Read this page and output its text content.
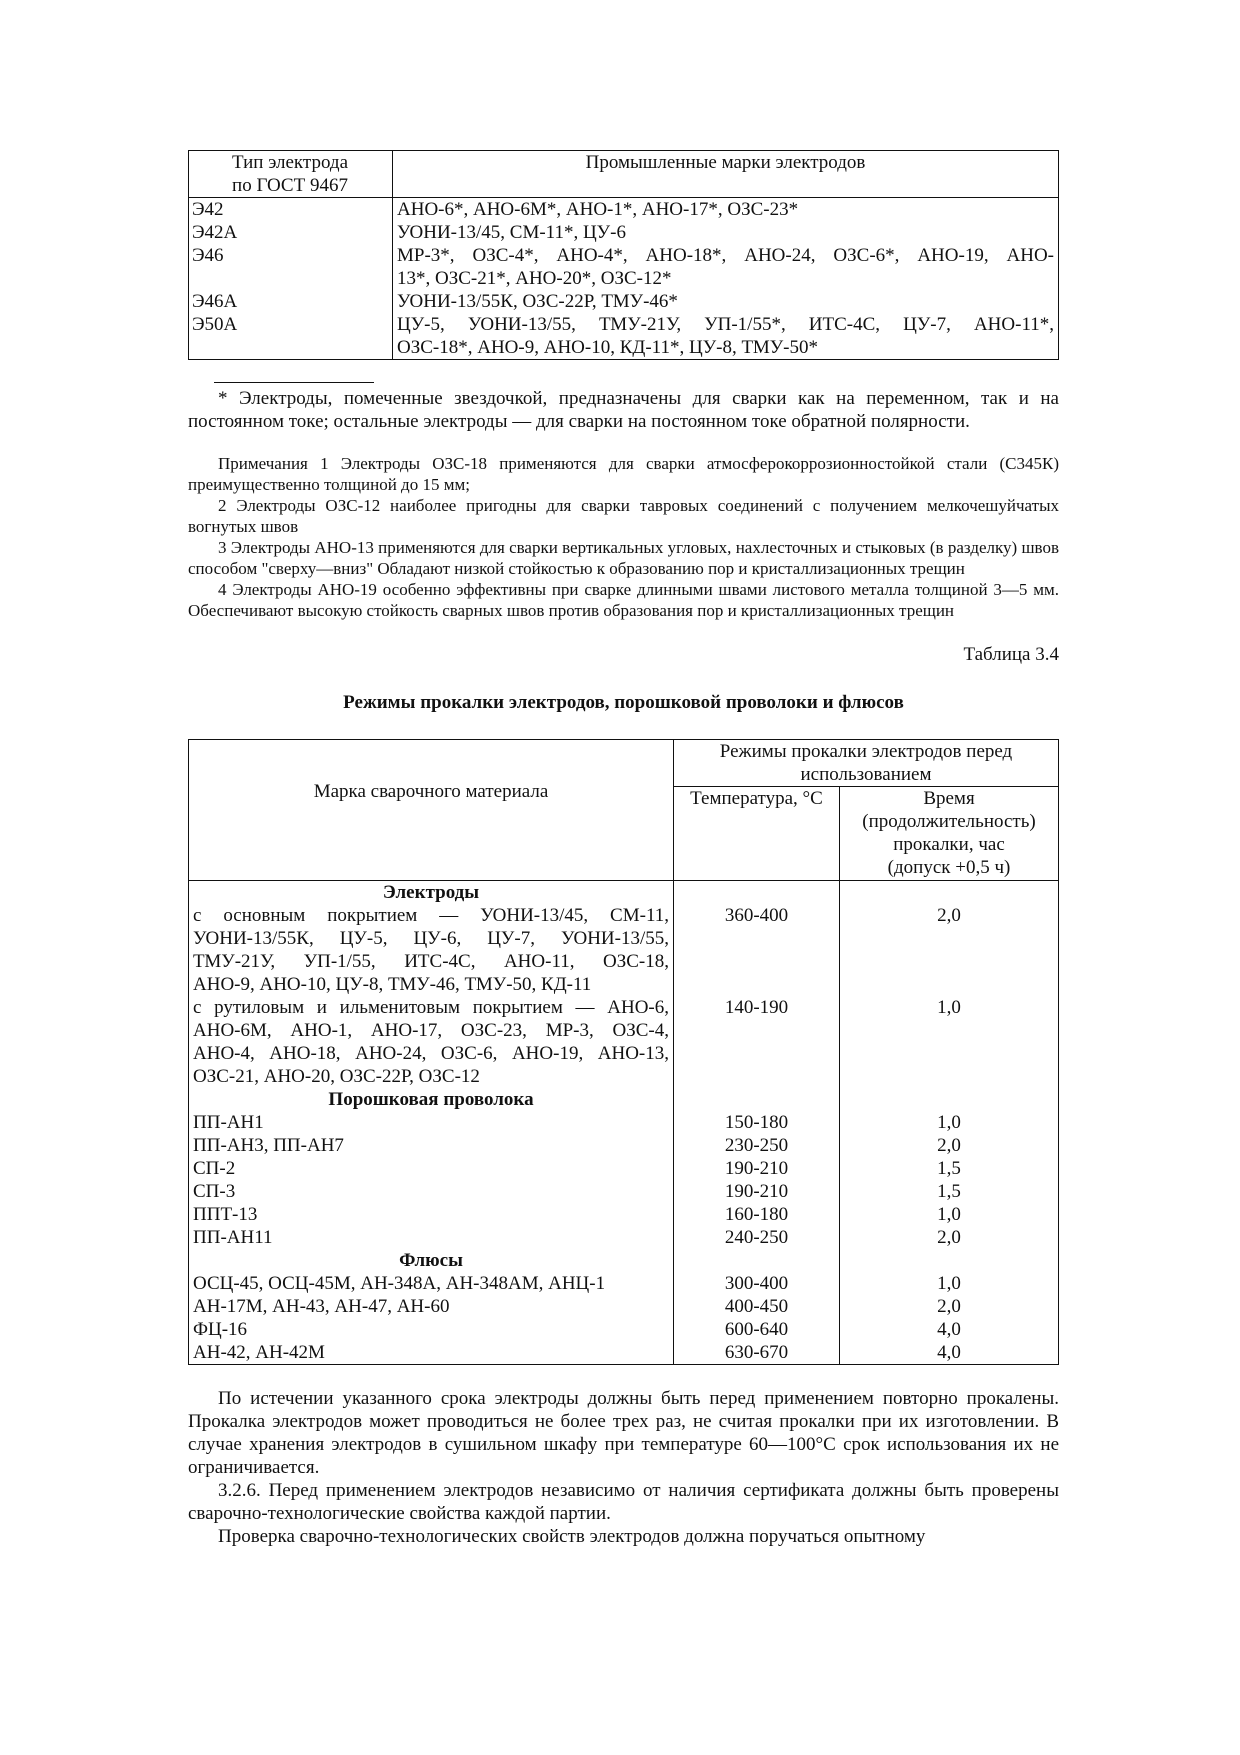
Тип электрода
по ГОСТ 9467	Промышленные марки электродов
Э42	АНО-6*, АНО-6М*, АНО-1*, АНО-17*, ОЗС-23*

Э42А	УОНИ-13/45, СМ-11*, ЦУ-6

Э46	МР-3*, ОЗС-4*, АНО-4*, АНО-18*, АНО-24, ОЗС-6*, АНО-19, АНО-
13*, ОЗС-21*, АНО-20*, ОЗС-12*

Э46А	УОНИ-13/55К, ОЗС-22Р, ТМУ-46*

Э50А	ЦУ-5, УОНИ-13/55, ТМУ-21У, УП-1/55*, ИТС-4С, ЦУ-7, АНО-11*,
ОЗС-18*, АНО-9, АНО-10, КД-11*, ЦУ-8, ТМУ-50*

* Электроды, помеченные звездочкой, предназначены для сварки как на переменном, так и на постоянном токе; остальные электроды — для сварки на постоянном токе обратной полярности.

Примечания 1 Электроды ОЗС-18 применяются для сварки атмосферокоррозионностойкой стали (С345К) преимущественно толщиной до 15 мм;

2 Электроды ОЗС-12 наиболее пригодны для сварки тавровых соединений с получением мелкочешуйчатых вогнутых швов

3 Электроды АНО-13 применяются для сварки вертикальных угловых, нахлесточных и стыковых (в разделку) швов способом "сверху—вниз" Обладают низкой стойкостью к образованию пор и кристаллизационных трещин

4 Электроды АНО-19 особенно эффективны при сварке длинными швами листового металла толщиной 3—5 мм. Обеспечивают высокую стойкость сварных швов против образования пор и кристаллизационных трещин

Таблица 3.4
Режимы прокалки электродов, порошковой проволоки и флюсов
Марка сварочного материала	Режимы прокалки электродов перед использованием	
	Температура, °С	Время
(продолжительность)
прокалки, час
(допуск +0,5 ч)

Электроды		

с основным покрытием — УОНИ-13/45, СМ-11,
УОНИ-13/55К, ЦУ-5, ЦУ-6, ЦУ-7, УОНИ-13/55,
ТМУ-21У, УП-1/55, ИТС-4С, АНО-11, ОЗС-18,
АНО-9, АНО-10, ЦУ-8, ТМУ-46, ТМУ-50, КД-11	360-400	2,0

с рутиловым и ильменитовым покрытием — АНО-6,
АНО-6М, АНО-1, АНО-17, ОЗС-23, МР-3, ОЗС-4,
АНО-4, АНО-18, АНО-24, ОЗС-6, АНО-19, АНО-13,
ОЗС-21, АНО-20, ОЗС-22Р, ОЗС-12	140-190	1,0
Порошковая проволока		

ПП-АН1	150-180	1,0

ПП-АН3, ПП-АН7	230-250	2,0

СП-2	190-210	1,5

СП-3	190-210	1,5

ППТ-13	160-180	1,0

ПП-АН11	240-250	2,0
Флюсы		

ОСЦ-45, ОСЦ-45М, АН-348А, АН-348АМ, АНЦ-1	300-400	1,0

АН-17М, АН-43, АН-47, АН-60	400-450	2,0

ФЦ-16	600-640	4,0

АН-42, АН-42М	630-670	4,0

По истечении указанного срока электроды должны быть перед применением повторно прокалены. Прокалка электродов может проводиться не более трех раз, не считая прокалки при их изготовлении. В случае хранения электродов в сушильном шкафу при температуре 60—100°С срок использования их не ограничивается.

3.2.6. Перед применением электродов независимо от наличия сертификата должны быть проверены сварочно-технологические свойства каждой партии.

Проверка сварочно-технологических свойств электродов должна поручаться опытному
